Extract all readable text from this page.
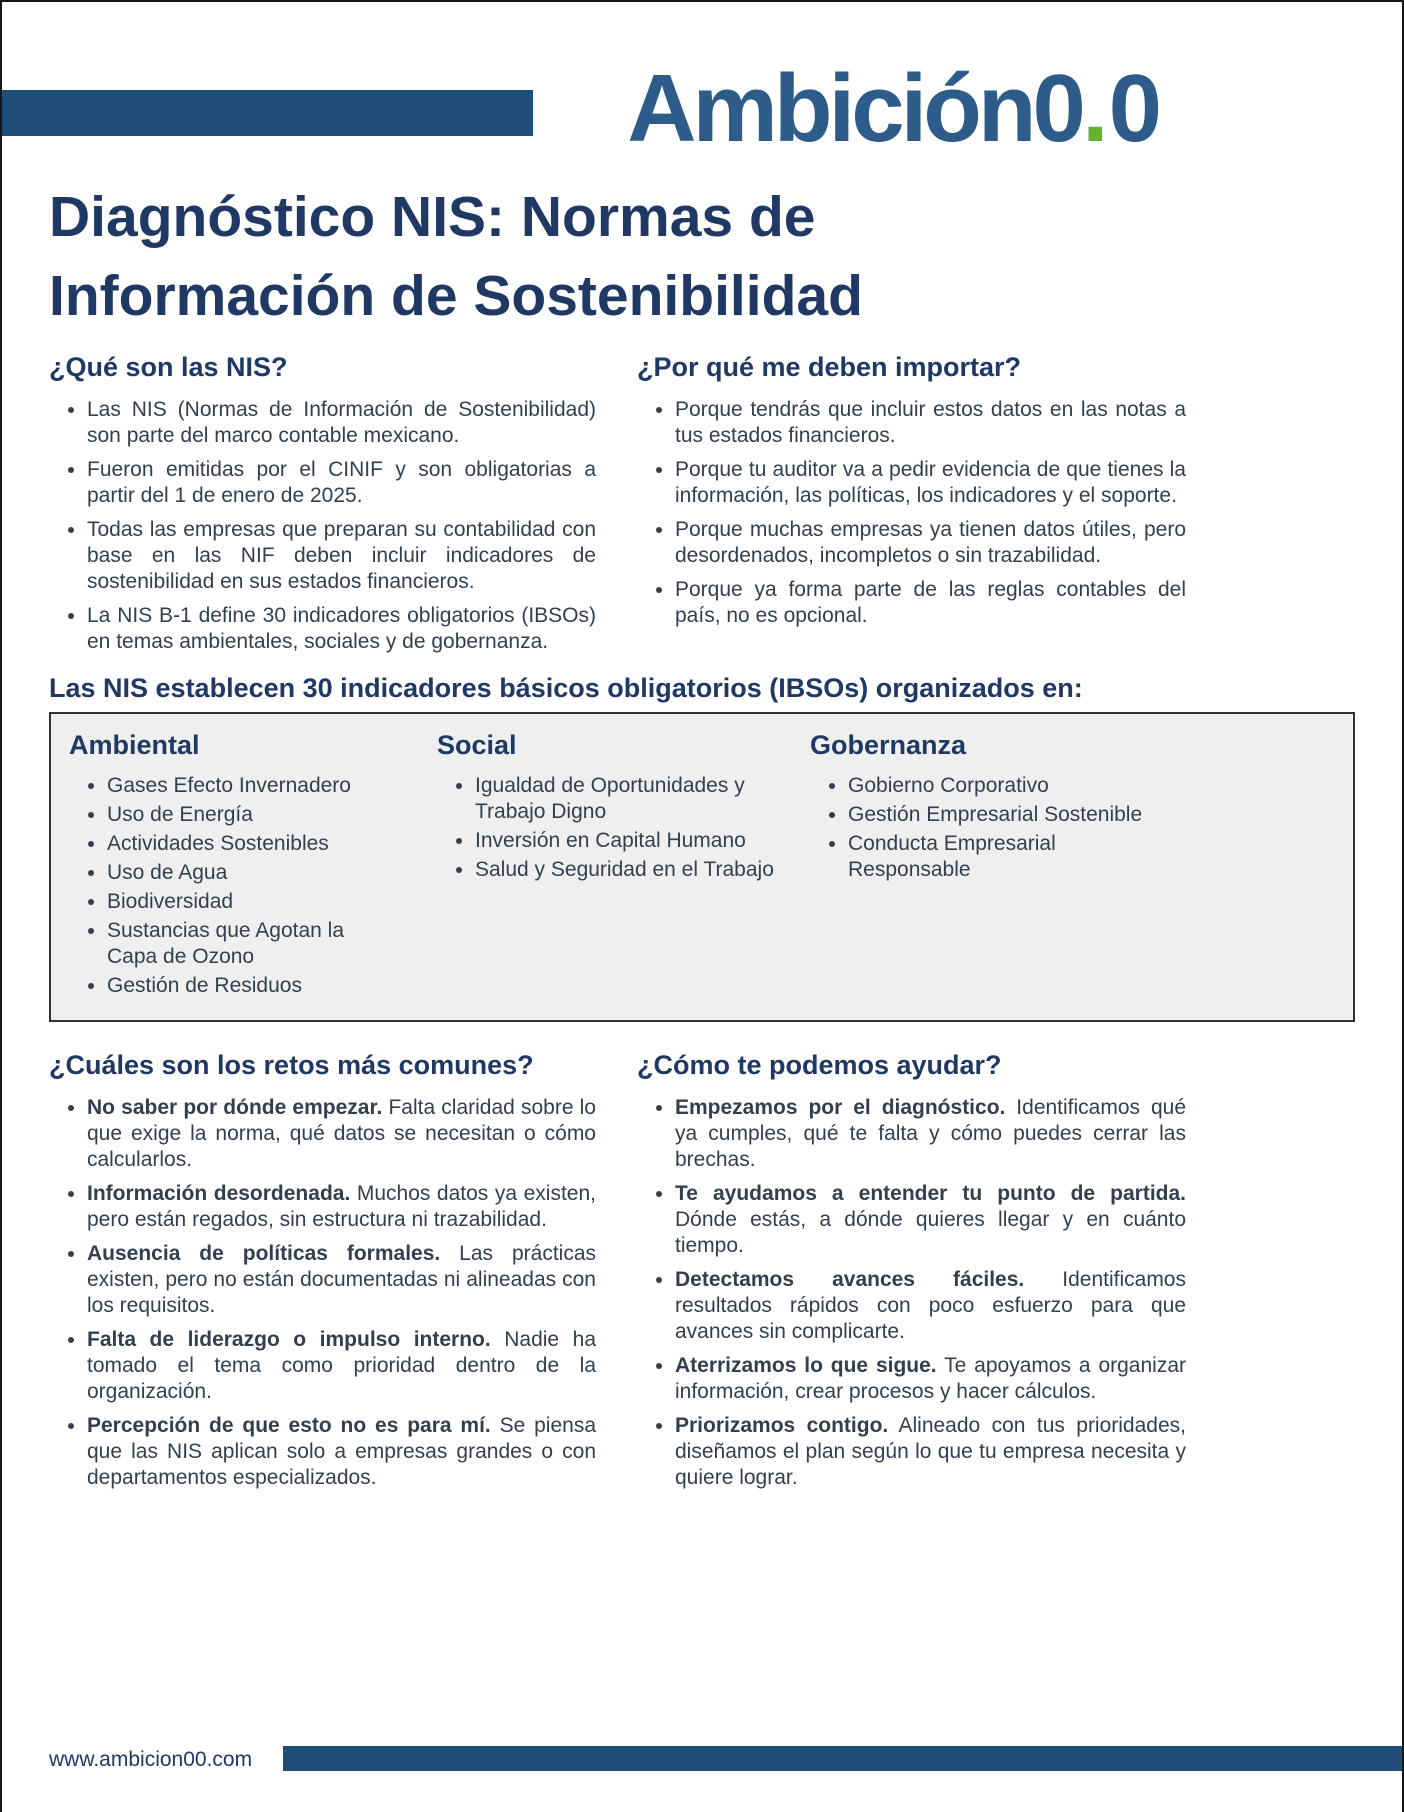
Ambición0.0
Diagnóstico NIS: Normas de
Información de Sostenibilidad
¿Qué son las NIS?
• Las NIS (Normas de Información de Sostenibilidad) son parte del marco contable mexicano.
• Fueron emitidas por el CINIF y son obligatorias a partir del 1 de enero de 2025.
• Todas las empresas que preparan su contabilidad con base en las NIF deben incluir indicadores de sostenibilidad en sus estados financieros.
• La NIS B-1 define 30 indicadores obligatorios (IBSOs) en temas ambientales, sociales y de gobernanza.
¿Por qué me deben importar?
• Porque tendrás que incluir estos datos en las notas a tus estados financieros.
• Porque tu auditor va a pedir evidencia de que tienes la información, las políticas, los indicadores y el soporte.
• Porque muchas empresas ya tienen datos útiles, pero desordenados, incompletos o sin trazabilidad.
• Porque ya forma parte de las reglas contables del país, no es opcional.
Las NIS establecen 30 indicadores básicos obligatorios (IBSOs) organizados en:
Ambiental
• Gases Efecto Invernadero
• Uso de Energía
• Actividades Sostenibles
• Uso de Agua
• Biodiversidad
• Sustancias que Agotan la Capa de Ozono
• Gestión de Residuos
Social
• Igualdad de Oportunidades y Trabajo Digno
• Inversión en Capital Humano
• Salud y Seguridad en el Trabajo
Gobernanza
• Gobierno Corporativo
• Gestión Empresarial Sostenible
• Conducta Empresarial Responsable
¿Cuáles son los retos más comunes?
• No saber por dónde empezar. Falta claridad sobre lo que exige la norma, qué datos se necesitan o cómo calcularlos.
• Información desordenada. Muchos datos ya existen, pero están regados, sin estructura ni trazabilidad.
• Ausencia de políticas formales. Las prácticas existen, pero no están documentadas ni alineadas con los requisitos.
• Falta de liderazgo o impulso interno. Nadie ha tomado el tema como prioridad dentro de la organización.
• Percepción de que esto no es para mí. Se piensa que las NIS aplican solo a empresas grandes o con departamentos especializados.
¿Cómo te podemos ayudar?
• Empezamos por el diagnóstico. Identificamos qué ya cumples, qué te falta y cómo puedes cerrar las brechas.
• Te ayudamos a entender tu punto de partida. Dónde estás, a dónde quieres llegar y en cuánto tiempo.
• Detectamos avances fáciles. Identificamos resultados rápidos con poco esfuerzo para que avances sin complicarte.
• Aterrizamos lo que sigue. Te apoyamos a organizar información, crear procesos y hacer cálculos.
• Priorizamos contigo. Alineado con tus prioridades, diseñamos el plan según lo que tu empresa necesita y quiere lograr.
www.ambicion00.com
